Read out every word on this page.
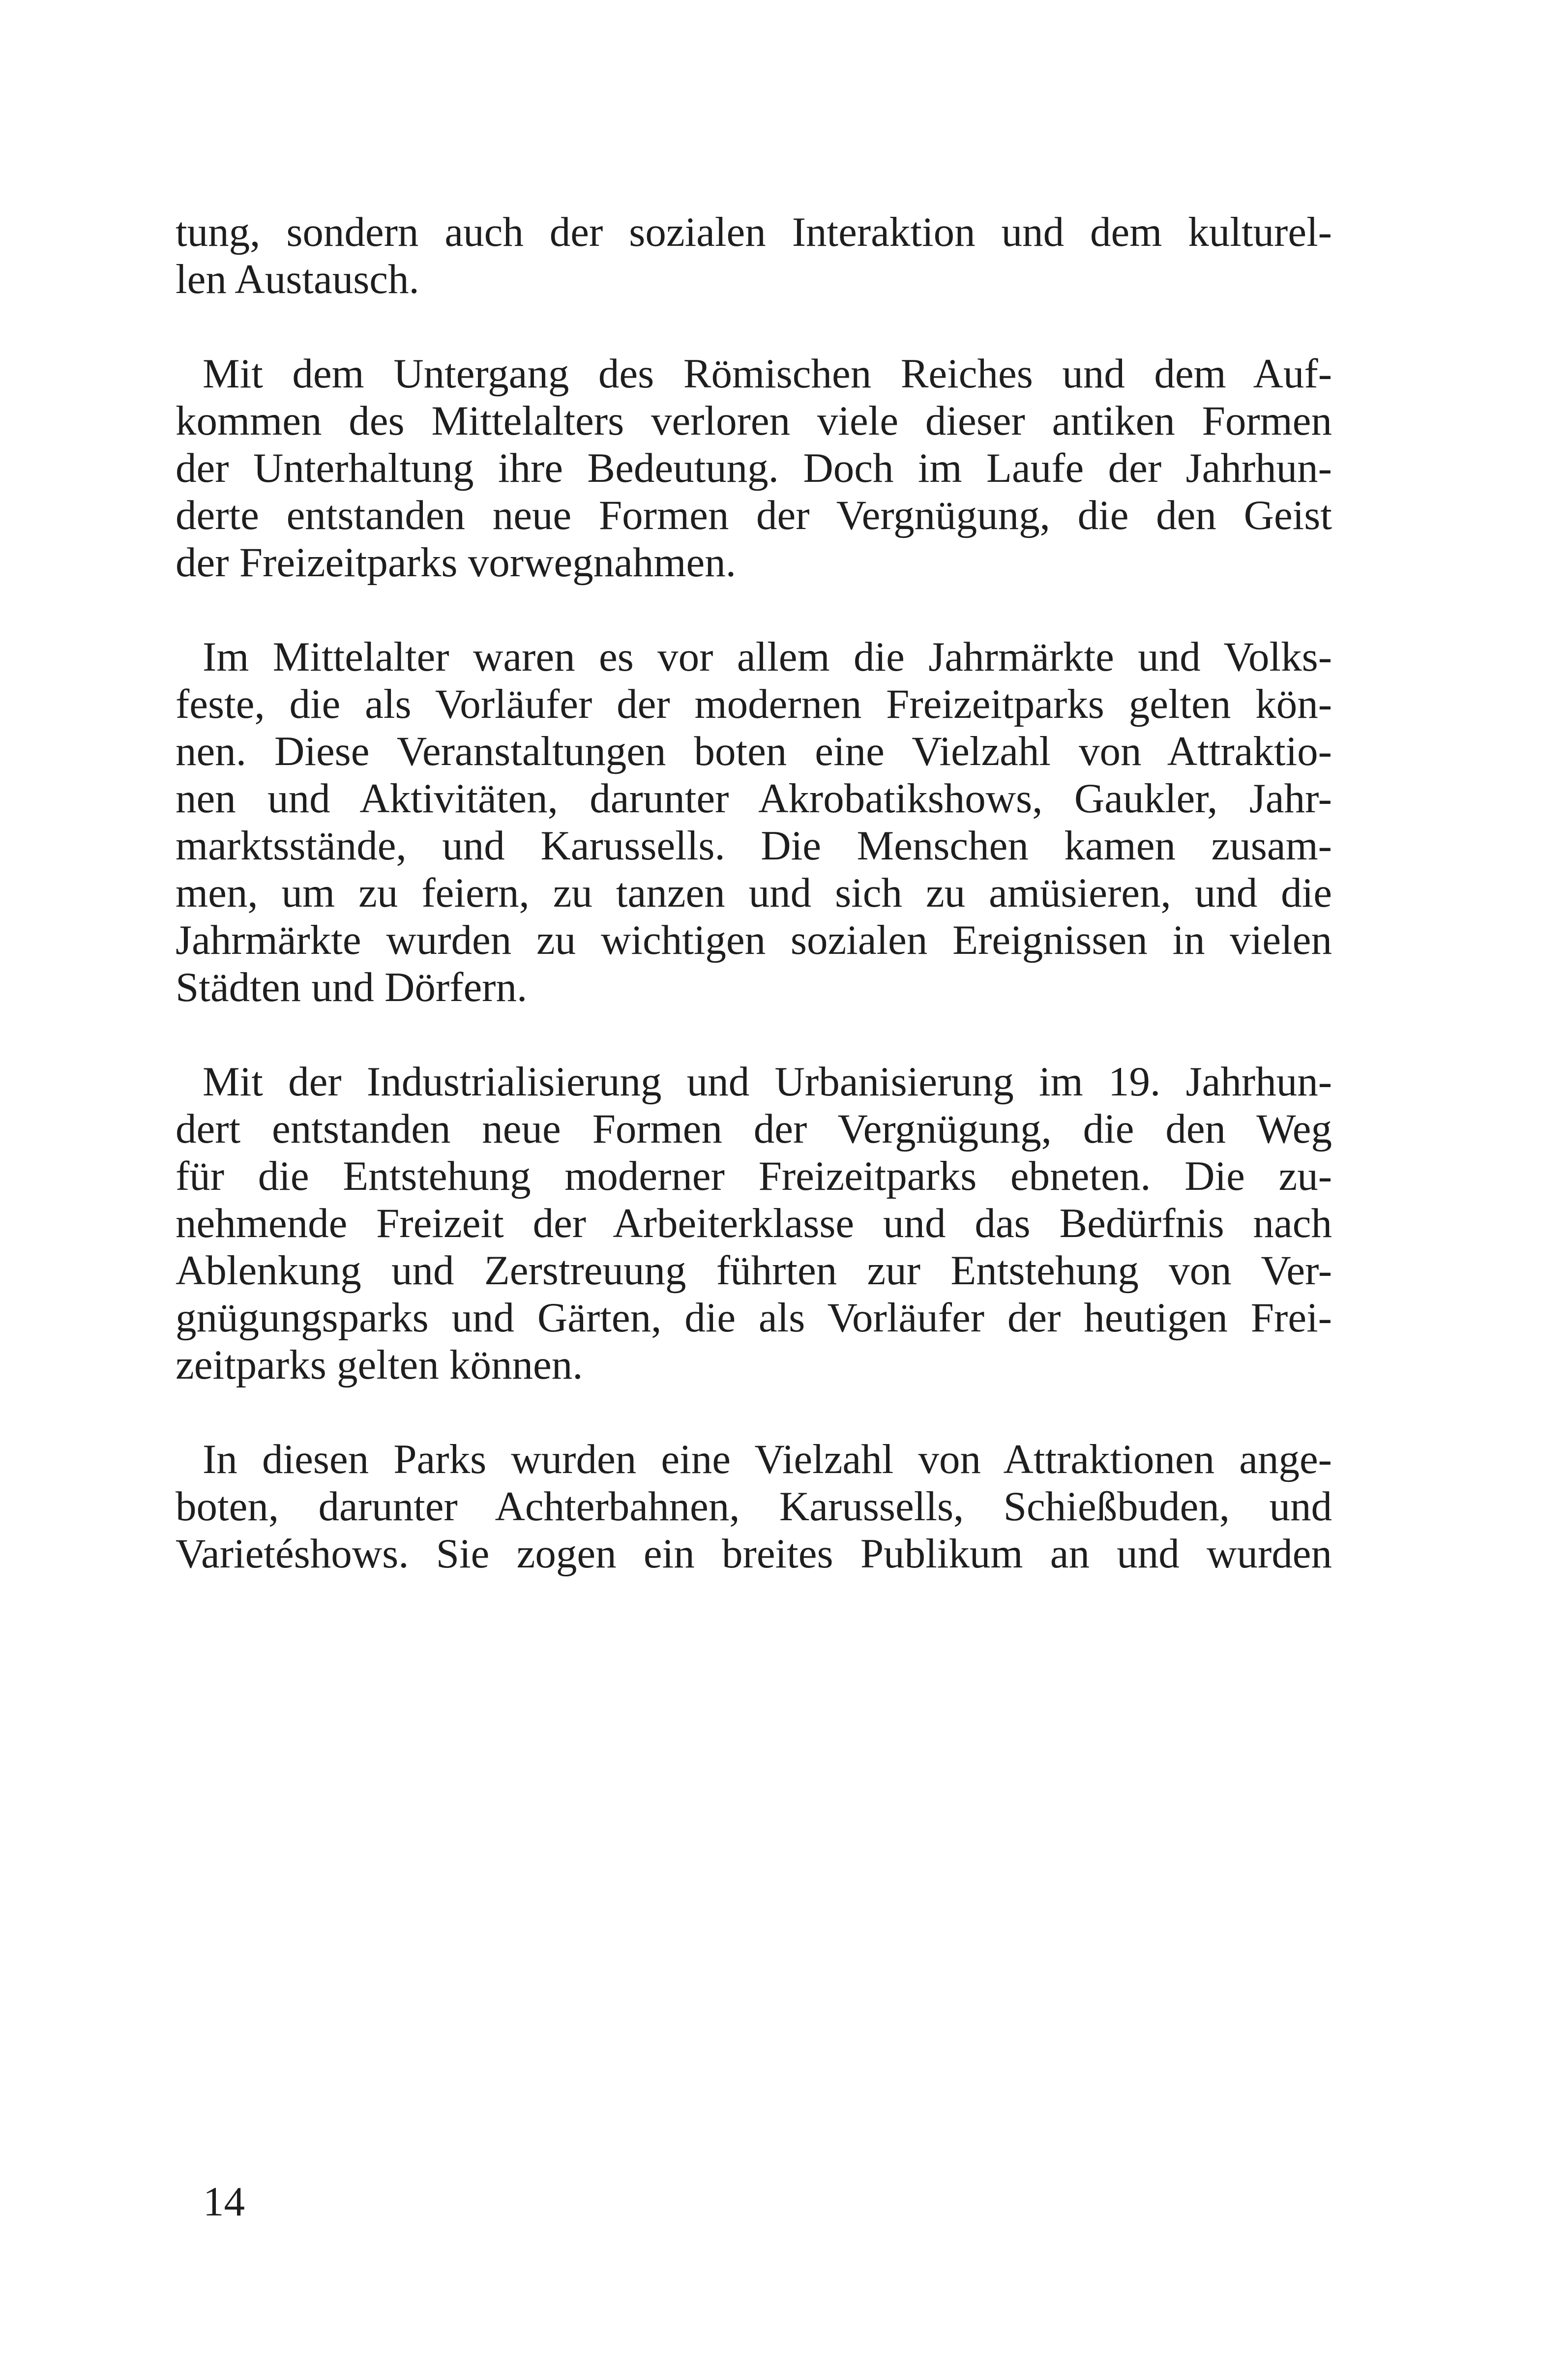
tung, sondern auch der sozialen Interaktion und dem kulturel-
len Austausch.

Mit dem Untergang des Römischen Reiches und dem Auf-
kommen des Mittelalters verloren viele dieser antiken Formen
der Unterhaltung ihre Bedeutung. Doch im Laufe der Jahrhun-
derte entstanden neue Formen der Vergnügung, die den Geist
der Freizeitparks vorwegnahmen.

Im Mittelalter waren es vor allem die Jahrmärkte und Volks-
feste, die als Vorläufer der modernen Freizeitparks gelten kön-
nen. Diese Veranstaltungen boten eine Vielzahl von Attraktio-
nen und Aktivitäten, darunter Akrobatikshows, Gaukler, Jahr-
marktsstände, und Karussells. Die Menschen kamen zusam-
men, um zu feiern, zu tanzen und sich zu amüsieren, und die
Jahrmärkte wurden zu wichtigen sozialen Ereignissen in vielen
Städten und Dörfern.

Mit der Industrialisierung und Urbanisierung im 19. Jahrhun-
dert entstanden neue Formen der Vergnügung, die den Weg
für die Entstehung moderner Freizeitparks ebneten. Die zu-
nehmende Freizeit der Arbeiterklasse und das Bedürfnis nach
Ablenkung und Zerstreuung führten zur Entstehung von Ver-
gnügungsparks und Gärten, die als Vorläufer der heutigen Frei-
zeitparks gelten können.

In diesen Parks wurden eine Vielzahl von Attraktionen ange-
boten, darunter Achterbahnen, Karussells, Schießbuden, und
Varietéshows. Sie zogen ein breites Publikum an und wurden

14
